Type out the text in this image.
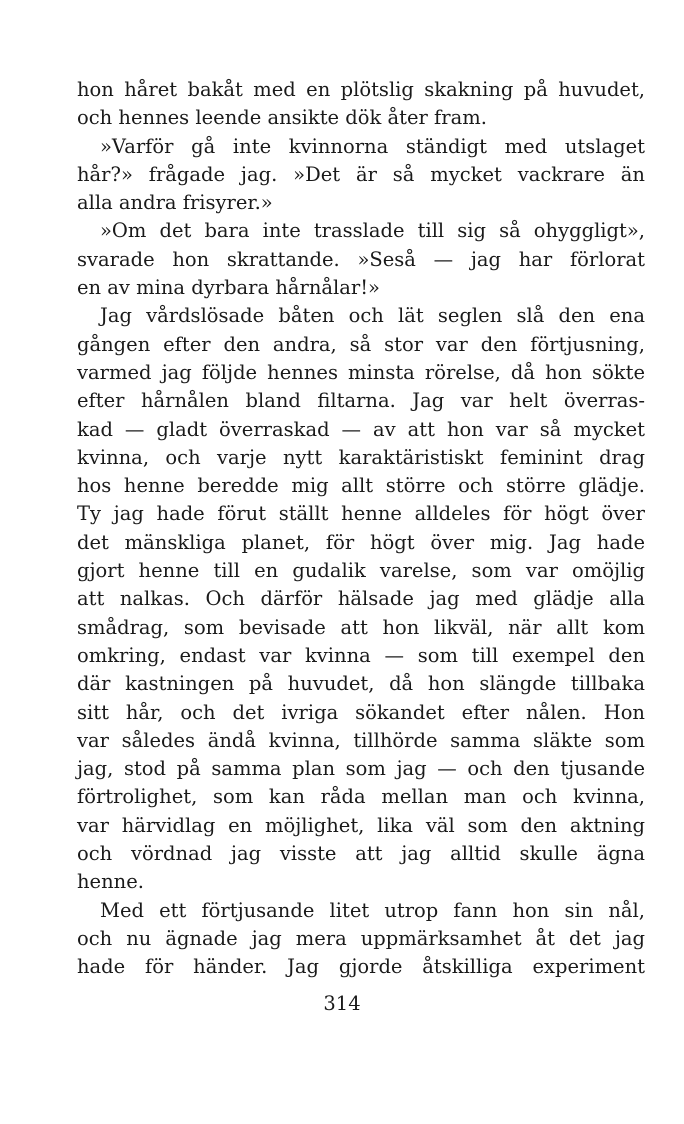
hon håret bakåt med en plötslig skakning på huvudet,
och hennes leende ansikte dök åter fram.
»Varför gå inte kvinnorna ständigt med utslaget
hår?» frågade jag. »Det är så mycket vackrare än
alla andra frisyrer.»
»Om det bara inte trasslade till sig så ohyggligt»,
svarade hon skrattande. »Seså — jag har förlorat
en av mina dyrbara hårnålar!»
Jag vårdslösade båten och lät seglen slå den ena
gången efter den andra, så stor var den förtjusning,
varmed jag följde hennes minsta rörelse, då hon sökte
efter hårnålen bland filtarna. Jag var helt överras-
kad — gladt överraskad — av att hon var så mycket
kvinna, och varje nytt karaktäristiskt feminint drag
hos henne beredde mig allt större och större glädje.
Ty jag hade förut ställt henne alldeles för högt över
det mänskliga planet, för högt över mig. Jag hade
gjort henne till en gudalik varelse, som var omöjlig
att nalkas. Och därför hälsade jag med glädje alla
smådrag, som bevisade att hon likväl, när allt kom
omkring, endast var kvinna — som till exempel den
där kastningen på huvudet, då hon slängde tillbaka
sitt hår, och det ivriga sökandet efter nålen. Hon
var således ändå kvinna, tillhörde samma släkte som
jag, stod på samma plan som jag — och den tjusande
förtrolighet, som kan råda mellan man och kvinna,
var härvidlag en möjlighet, lika väl som den aktning
och vördnad jag visste att jag alltid skulle ägna
henne.
Med ett förtjusande litet utrop fann hon sin nål,
och nu ägnade jag mera uppmärksamhet åt det jag
hade för händer. Jag gjorde åtskilliga experiment
314
